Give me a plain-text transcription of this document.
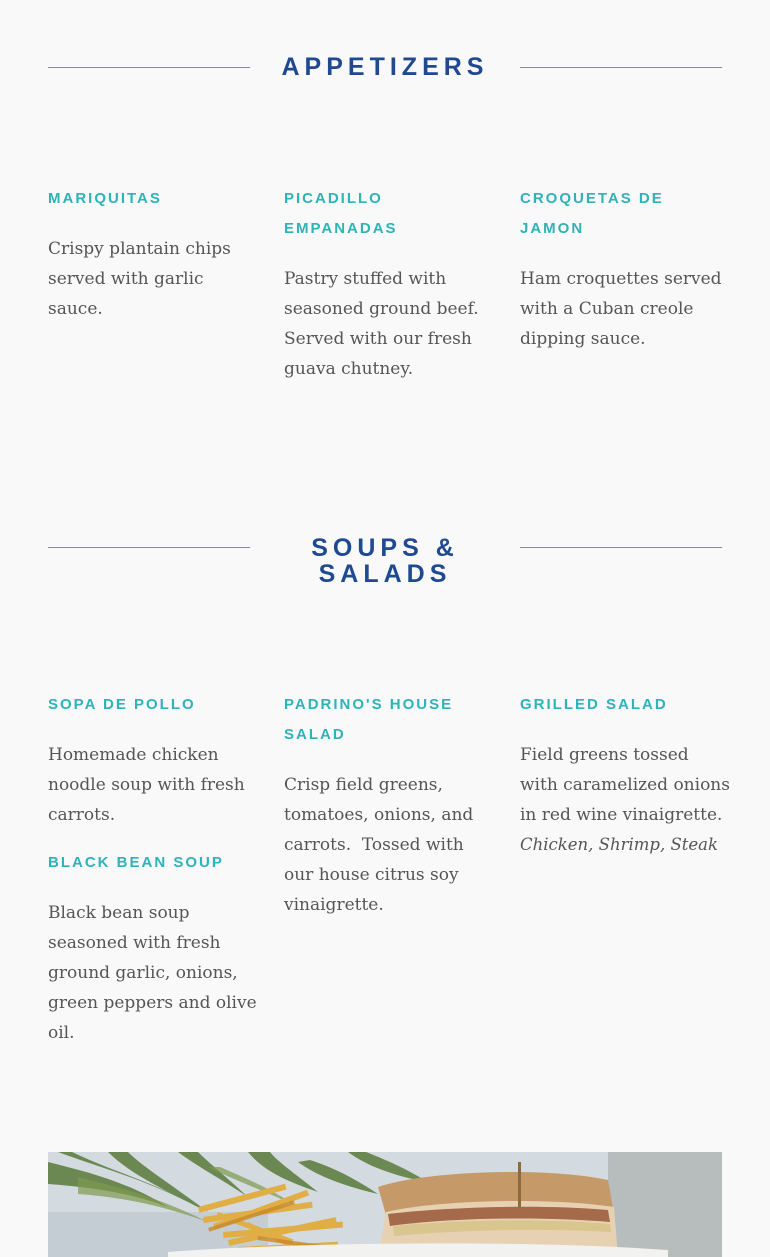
APPETIZERS
MARIQUITAS

Crispy plantain chips served with garlic sauce.

PICADILLO EMPANADAS

Pastry stuffed with seasoned ground beef.  Served with our fresh guava chutney.

CROQUETAS DE JAMON

Ham croquettes served with a Cuban creole dipping sauce.

SOUPS & SALADS
SOPA DE POLLO

Homemade chicken noodle soup with fresh carrots.

BLACK BEAN SOUP

Black bean soup seasoned with fresh ground garlic, onions, green peppers and olive oil.

PADRINO'S HOUSE SALAD

Crisp field greens, tomatoes, onions, and carrots.  Tossed with our house citrus soy vinaigrette.

GRILLED SALAD

Field greens tossed with caramelized onions in red wine vinaigrette.

Chicken, Shrimp, Steak
